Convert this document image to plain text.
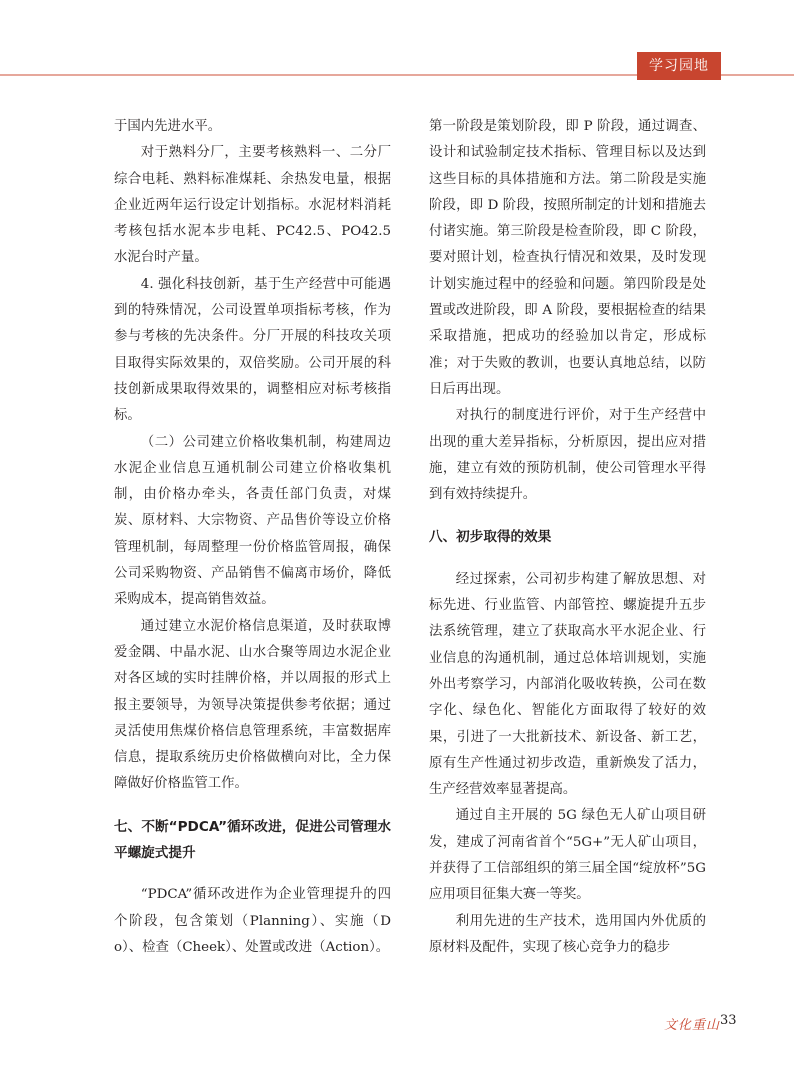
学习园地

于国内先进水平。

对于熟料分厂，主要考核熟料一、二分厂综合电耗、熟料标准煤耗、余热发电量，根据企业近两年运行设定计划指标。水泥材料消耗考核包括水泥本步电耗、PC42.5、PO42.5 水泥台时产量。

4. 强化科技创新，基于生产经营中可能遇到的特殊情况，公司设置单项指标考核，作为参与考核的先决条件。分厂开展的科技攻关项目取得实际效果的，双倍奖励。公司开展的科技创新成果取得效果的，调整相应对标考核指标。

（二）公司建立价格收集机制，构建周边水泥企业信息互通机制公司建立价格收集机制，由价格办牵头，各责任部门负责，对煤炭、原材料、大宗物资、产品售价等设立价格管理机制，每周整理一份价格监管周报，确保公司采购物资、产品销售不偏离市场价，降低采购成本，提高销售效益。

通过建立水泥价格信息渠道，及时获取博爱金隅、中晶水泥、山水合聚等周边水泥企业对各区域的实时挂牌价格，并以周报的形式上报主要领导，为领导决策提供参考依据；通过灵活使用焦煤价格信息管理系统，丰富数据库信息，提取系统历史价格做横向对比，全力保障做好价格监管工作。

七、不断“PDCA”循环改进，促进公司管理水平螺旋式提升

“PDCA”循环改进作为企业管理提升的四个阶段，包含策划（Planning）、实施（Do）、检查（Cheek）、处置或改进（Action）。

第一阶段是策划阶段，即 P 阶段，通过调查、设计和试验制定技术指标、管理目标以及达到这些目标的具体措施和方法。第二阶段是实施阶段，即 D 阶段，按照所制定的计划和措施去付诸实施。第三阶段是检查阶段，即 C 阶段，要对照计划，检查执行情况和效果，及时发现计划实施过程中的经验和问题。第四阶段是处置或改进阶段，即 A 阶段，要根据检查的结果采取措施，把成功的经验加以肯定，形成标准；对于失败的教训，也要认真地总结，以防日后再出现。

对执行的制度进行评价，对于生产经营中出现的重大差异指标，分析原因，提出应对措施，建立有效的预防机制，使公司管理水平得到有效持续提升。

八、初步取得的效果

经过探索，公司初步构建了解放思想、对标先进、行业监管、内部管控、螺旋提升五步法系统管理，建立了获取高水平水泥企业、行业信息的沟通机制，通过总体培训规划，实施外出考察学习，内部消化吸收转换，公司在数字化、绿色化、智能化方面取得了较好的效果，引进了一大批新技术、新设备、新工艺，原有生产性通过初步改造，重新焕发了活力，生产经营效率显著提高。

通过自主开展的 5G 绿色无人矿山项目研发，建成了河南省首个“5G+”无人矿山项目，并获得了工信部组织的第三届全国“绽放杯”5G 应用项目征集大赛一等奖。

利用先进的生产技术，选用国内外优质的原材料及配件，实现了核心竞争力的稳步

文化重山 33
